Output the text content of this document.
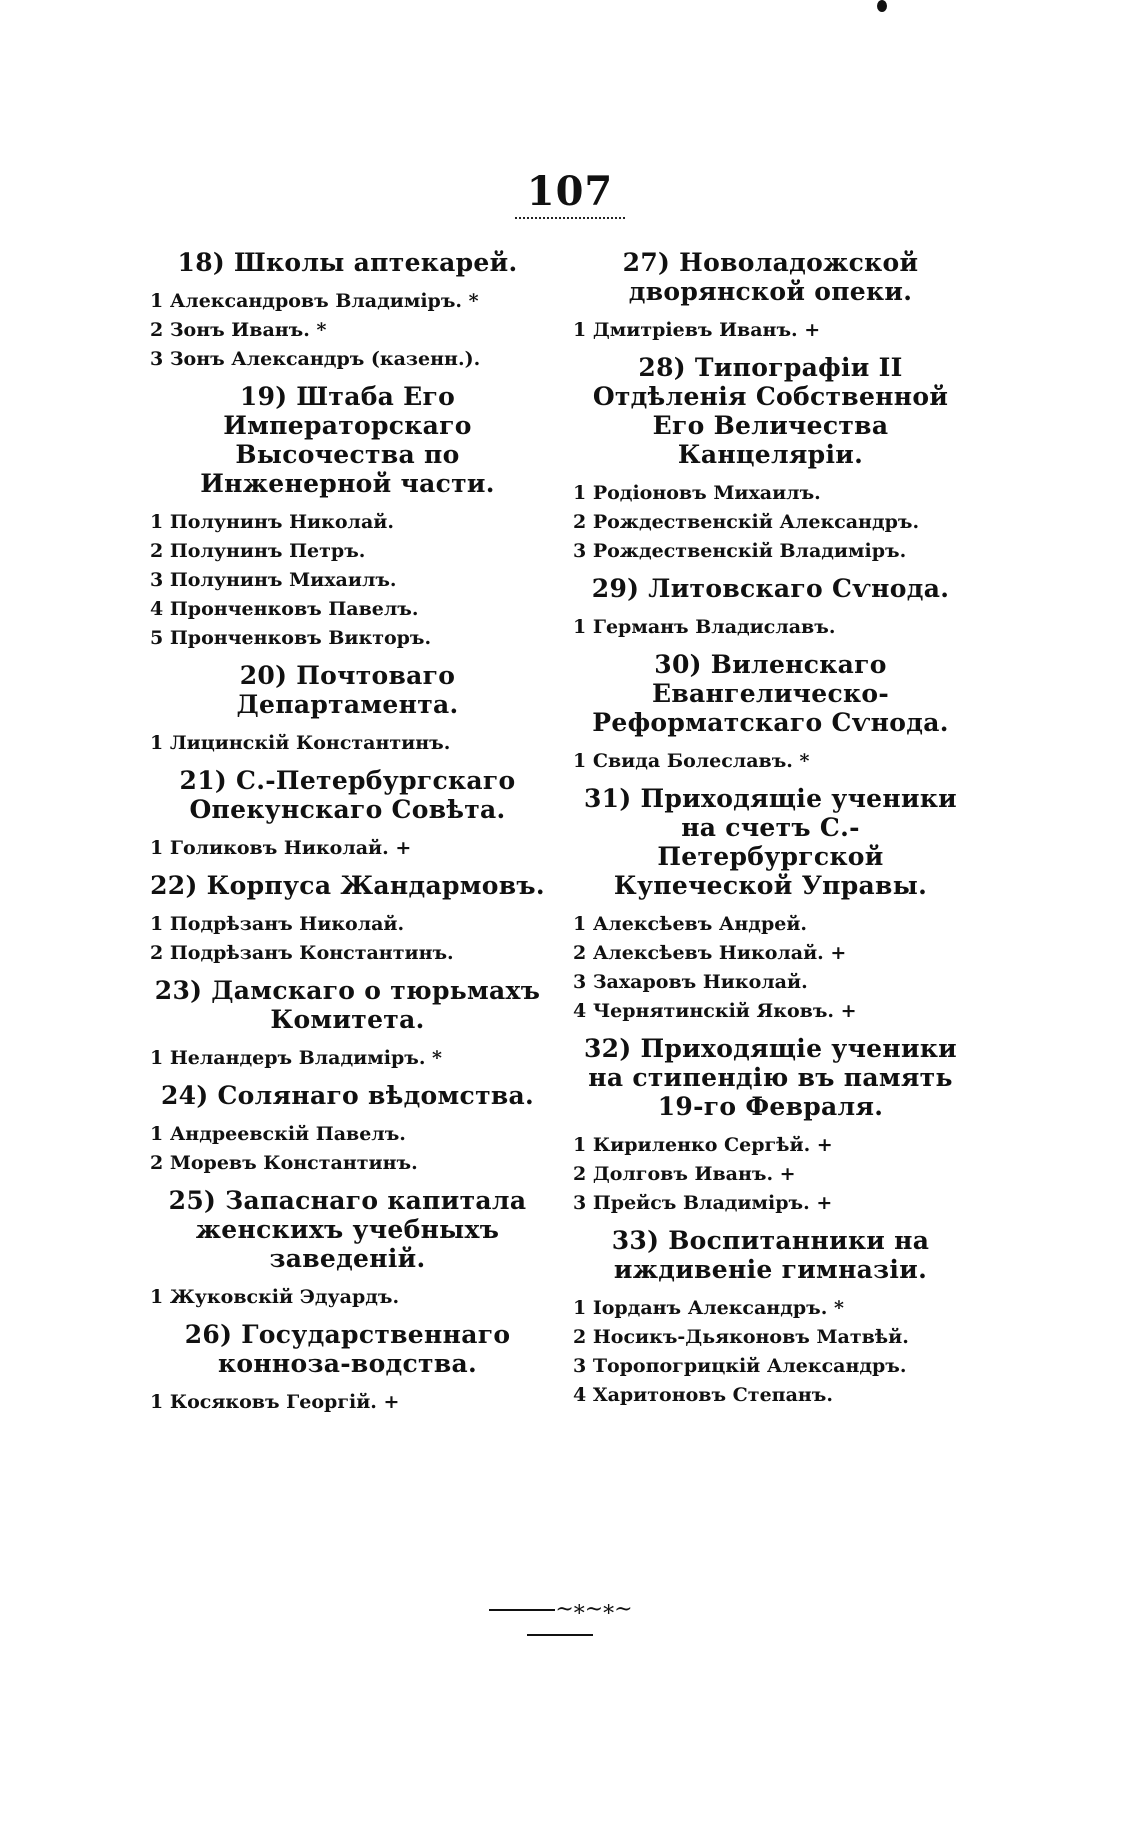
107
18) Школы аптекарей.
1 Александровъ Владиміръ. *
2 Зонъ Иванъ. *
3 Зонъ Александръ (казенн.).
19) Штаба Его Императорскаго Высочества по Инженерной части.
1 Полунинъ Николай.
2 Полунинъ Петръ.
3 Полунинъ Михаилъ.
4 Пронченковъ Павелъ.
5 Пронченковъ Викторъ.
20) Почтоваго Департамента.
1 Лицинскій Константинъ.
21) С.-Петербургскаго Опекунскаго Совѣта.
1 Голиковъ Николай. +
22) Корпуса Жандармовъ.
1 Подрѣзанъ Николай.
2 Подрѣзанъ Константинъ.
23) Дамскаго о тюрьмахъ Комитета.
1 Неландеръ Владиміръ. *
24) Солянаго вѣдомства.
1 Андреевскій Павелъ.
2 Моревъ Константинъ.
25) Запаснаго капитала женскихъ учебныхъ заведеній.
1 Жуковскій Эдуардъ.
26) Государственнаго конноза-водства.
1 Косяковъ Георгій. +
27) Новоладожской дворянской опеки.
1 Дмитріевъ Иванъ. +
28) Типографіи II Отдѣленія Собственной Его Величества Канцеляріи.
1 Родіоновъ Михаилъ.
2 Рождественскій Александръ.
3 Рождественскій Владиміръ.
29) Литовскаго Сѵнода.
1 Германъ Владиславъ.
30) Виленскаго Евангелическо-Реформатскаго Сѵнода.
1 Свида Болеславъ. *
31) Приходящіе ученики на счетъ С.-Петербургской Купеческой Управы.
1 Алексѣевъ Андрей.
2 Алексѣевъ Николай. +
3 Захаровъ Николай.
4 Чернятинскій Яковъ. +
32) Приходящіе ученики на стипендію въ память 19-го Февраля.
1 Кириленко Сергѣй. +
2 Долговъ Иванъ. +
3 Прейсъ Владиміръ. +
33) Воспитанники на иждивеніе гимназіи.
1 Іорданъ Александръ. *
2 Носикъ-Дьяконовъ Матвѣй.
3 Торопогрицкій Александръ.
4 Харитоновъ Степанъ.
~∗~∗~
